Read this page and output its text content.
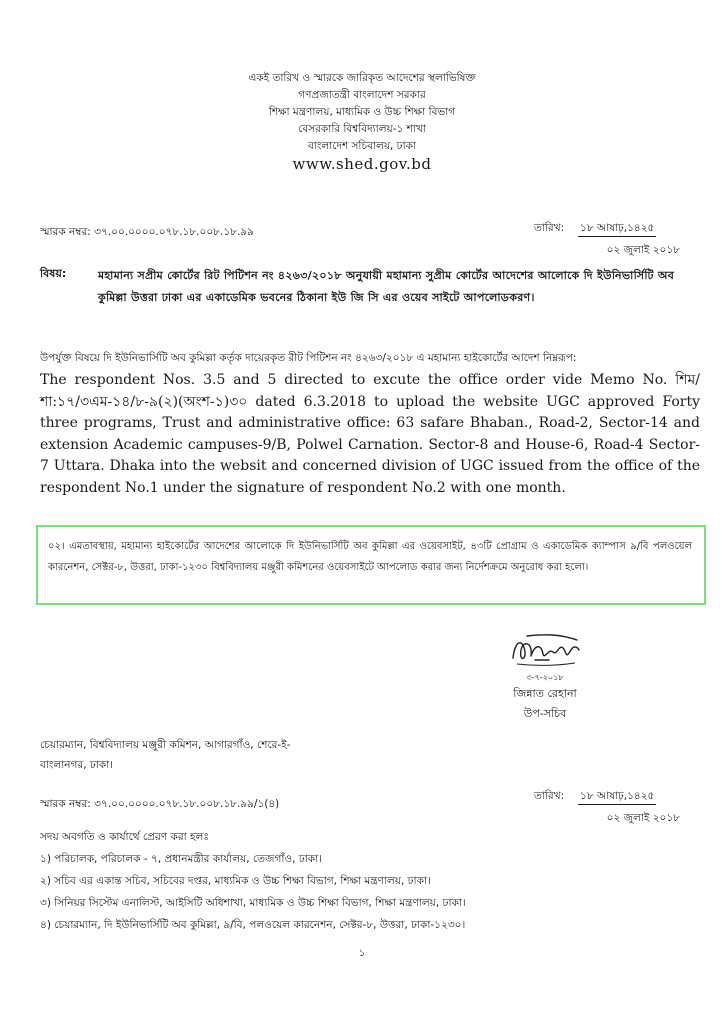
একই তারিখ ও স্মারকে জারিকৃত আদেশের স্থলাভিষিক্ত
গণপ্রজাতন্ত্রী বাংলাদেশ সরকার
শিক্ষা মন্ত্রণালয়, মাধ্যমিক ও উচ্চ শিক্ষা বিভাগ
বেসরকারি বিশ্ববিদ্যালয়-১ শাখা
বাংলাদেশ সচিবালয়, ঢাকা
www.shed.gov.bd
স্মারক নম্বর: ৩৭.০০.০০০০.০৭৮.১৮.০০৮.১৮.৯৯	তারিখ:	১৮ আষাঢ়,১৪২৫
০২ জুলাই ২০১৮
বিষয়:	মহামান্য সপ্রীম কোর্টের রিট পিটিশন নং ৪২৬৩/২০১৮ অনুযায়ী মহামান্য সুপ্রীম কোর্টের আদেশের আলোকে দি ইউনিভার্সিটি অব কুমিল্লা উত্তরা ঢাকা এর একাডেমিক ভবনের ঠিকানা ইউ জি সি এর ওয়েব সাইটে আপলোডকরণ।
উপর্যুক্ত বিষয়ে দি ইউনিভার্সিটি অব কুমিল্লা কর্তৃক দায়েরকৃত রীট পিটিশন নং ৪২৬৩/২০১৮ এ মহামান্য হাইকোর্টের আদেশ নিম্নরূপ:
The respondent Nos. 3.5 and 5 directed to excute the office order vide Memo No. শিম/শা:১৭/৩এম-১৪/৮-৯(২)(অংশ-১)৩০ dated 6.3.2018 to upload the website UGC approved Forty three programs, Trust and administrative office: 63 safare Bhaban., Road-2, Sector-14 and extension Academic campuses-9/B, Polwel Carnation. Sector-8 and House-6, Road-4 Sector-7 Uttara. Dhaka into the websit and concerned division of UGC issued from the office of the respondent No.1 under the signature of respondent No.2 with one month.
০২। এমতাবস্থায়, মহামান্য হাইকোর্টের আদেশের আলোকে দি ইউনিভার্সিটি অব কুমিল্লা এর ওয়েবসাইট, ৪৩টি প্রোগ্রাম ও একাডেমিক ক্যাম্পাস ৯/বি পলওয়েল কারনেশন, সেক্টর-৮, উত্তরা, ঢাকা-১২৩০ বিশ্ববিদ্যালয় মঞ্জুরী কমিশনের ওয়েবসাইটে আপলোড করার জন্য নির্দেশক্রমে অনুরোধ করা হলো।
৩-৭-২০১৮
জিন্নাত রেহানা
উপ-সচিব
চেয়ারম্যান, বিশ্ববিদ্যালয় মঞ্জুরী কমিশন, আগারগাঁও, শেরে-ই-
বাংলানগর, ঢাকা।
স্মারক নম্বর: ৩৭.০০.০০০০.০৭৮.১৮.০০৮.১৮.৯৯/১(৪)
তারিখ:	১৮ আষাঢ়,১৪২৫
০২ জুলাই ২০১৮
সদয় অবগতি ও কার্যার্থে প্রেরণ করা হলঃ
১) পরিচালক, পরিচালক - ৭, প্রধানমন্ত্রীর কার্যালয়, তেজগাঁও, ঢাকা।
২) সচিব এর একান্ত সচিব, সচিবের দপ্তর, মাধ্যমিক ও উচ্চ শিক্ষা বিভাগ, শিক্ষা মন্ত্রণালয়, ঢাকা।
৩) সিনিয়র সিস্টেম এনালিস্ট, আইসিটি অধিশাখা, মাধ্যমিক ও উচ্চ শিক্ষা বিভাগ, শিক্ষা মন্ত্রণালয়, ঢাকা।
৪) চেয়ারম্যান, দি ইউনিভার্সিটি অব কুমিল্লা, ৯/বি, পলওয়েল কারনেশন, সেক্টর-৮, উত্তরা, ঢাকা-১২৩০।
১
